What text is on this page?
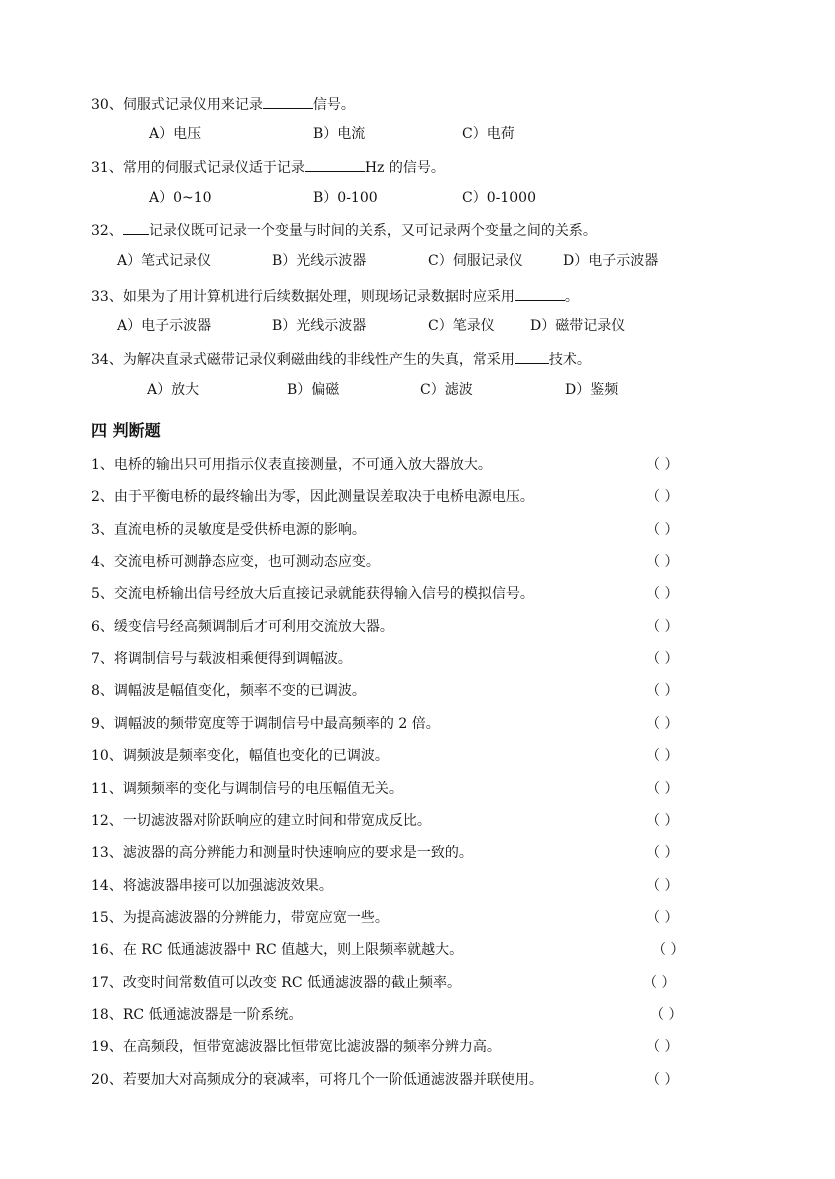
30、伺服式记录仪用来记录	信号。
A）电压	B）电流	C）电荷
31、常用的伺服式记录仪适于记录	Hz 的信号。
A）0~10	B）0-100	C）0-1000
32、 记录仪既可记录一个变量与时间的关系，又可记录两个变量之间的关系。
A）笔式记录仪	B）光线示波器	C）伺服记录仪	D）电子示波器
33、如果为了用计算机进行后续数据处理，则现场记录数据时应采用	。
A）电子示波器	B）光线示波器	C）笔录仪	D）磁带记录仪
34、为解决直录式磁带记录仪剩磁曲线的非线性产生的失真，常采用 技术。
A）放大	B）偏磁	C）滤波	D）鉴频
四 判断题
1、电桥的输出只可用指示仪表直接测量，不可通入放大器放大。	（ ）
2、由于平衡电桥的最终输出为零，因此测量误差取决于电桥电源电压。	（ ）
3、直流电桥的灵敏度是受供桥电源的影响。	（ ）
4、交流电桥可测静态应变，也可测动态应变。	（ ）
5、交流电桥输出信号经放大后直接记录就能获得输入信号的模拟信号。	（ ）
6、缓变信号经高频调制后才可利用交流放大器。	（ ）
7、将调制信号与载波相乘便得到调幅波。	（ ）
8、调幅波是幅值变化，频率不变的已调波。	（ ）
9、调幅波的频带宽度等于调制信号中最高频率的 2 倍。	（ ）
10、调频波是频率变化，幅值也变化的已调波。	（ ）
11、调频频率的变化与调制信号的电压幅值无关。	（ ）
12、一切滤波器对阶跃响应的建立时间和带宽成反比。	（ ）
13、滤波器的高分辨能力和测量时快速响应的要求是一致的。	（ ）
14、将滤波器串接可以加强滤波效果。	（ ）
15、为提高滤波器的分辨能力，带宽应宽一些。	（ ）
16、在 RC 低通滤波器中 RC 值越大，则上限频率就越大。	（ ）
17、改变时间常数值可以改变 RC 低通滤波器的截止频率。	（ ）
18、RC 低通滤波器是一阶系统。	（ ）
19、在高频段，恒带宽滤波器比恒带宽比滤波器的频率分辨力高。	（ ）
20、若要加大对高频成分的衰减率，可将几个一阶低通滤波器并联使用。	（ ）
